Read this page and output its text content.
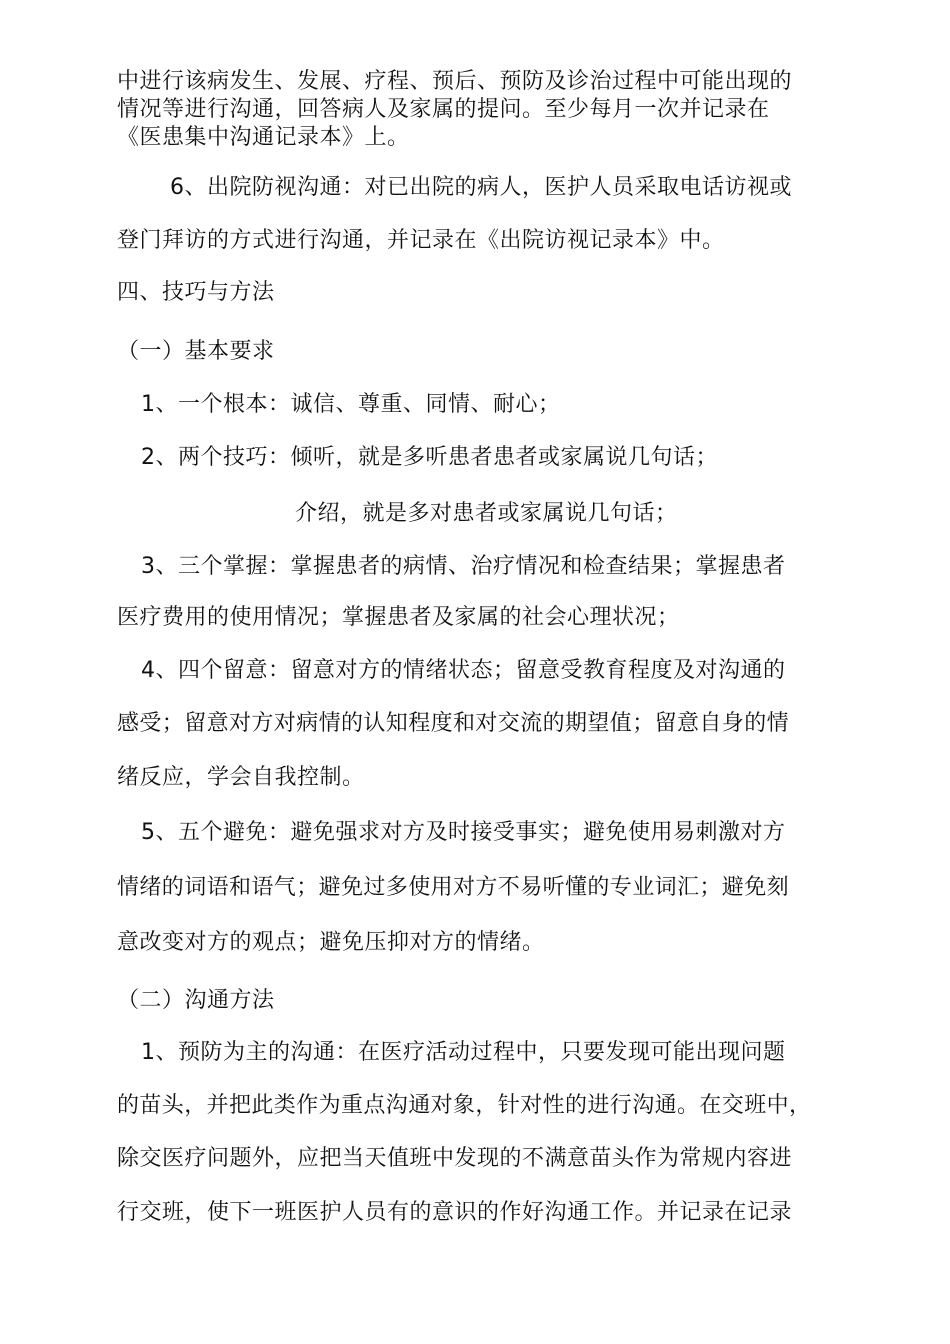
中进行该病发生、发展、疗程、预后、预防及诊治过程中可能出现的
情况等进行沟通，回答病人及家属的提问。至少每月一次并记录在
《医患集中沟通记录本》上。
6、出院防视沟通：对已出院的病人，医护人员采取电话访视或
登门拜访的方式进行沟通，并记录在《出院访视记录本》中。
四、技巧与方法
（一）基本要求
1、一个根本：诚信、尊重、同情、耐心；
2、两个技巧：倾听，就是多听患者患者或家属说几句话；
介绍，就是多对患者或家属说几句话；
3、三个掌握：掌握患者的病情、治疗情况和检查结果；掌握患者
医疗费用的使用情况；掌握患者及家属的社会心理状况；
4、四个留意：留意对方的情绪状态；留意受教育程度及对沟通的
感受；留意对方对病情的认知程度和对交流的期望值；留意自身的情
绪反应，学会自我控制。
5、五个避免：避免强求对方及时接受事实；避免使用易刺激对方
情绪的词语和语气；避免过多使用对方不易听懂的专业词汇；避免刻
意改变对方的观点；避免压抑对方的情绪。
（二）沟通方法
1、预防为主的沟通：在医疗活动过程中，只要发现可能出现问题
的苗头，并把此类作为重点沟通对象，针对性的进行沟通。在交班中，
除交医疗问题外，应把当天值班中发现的不满意苗头作为常规内容进
行交班，使下一班医护人员有的意识的作好沟通工作。并记录在记录
